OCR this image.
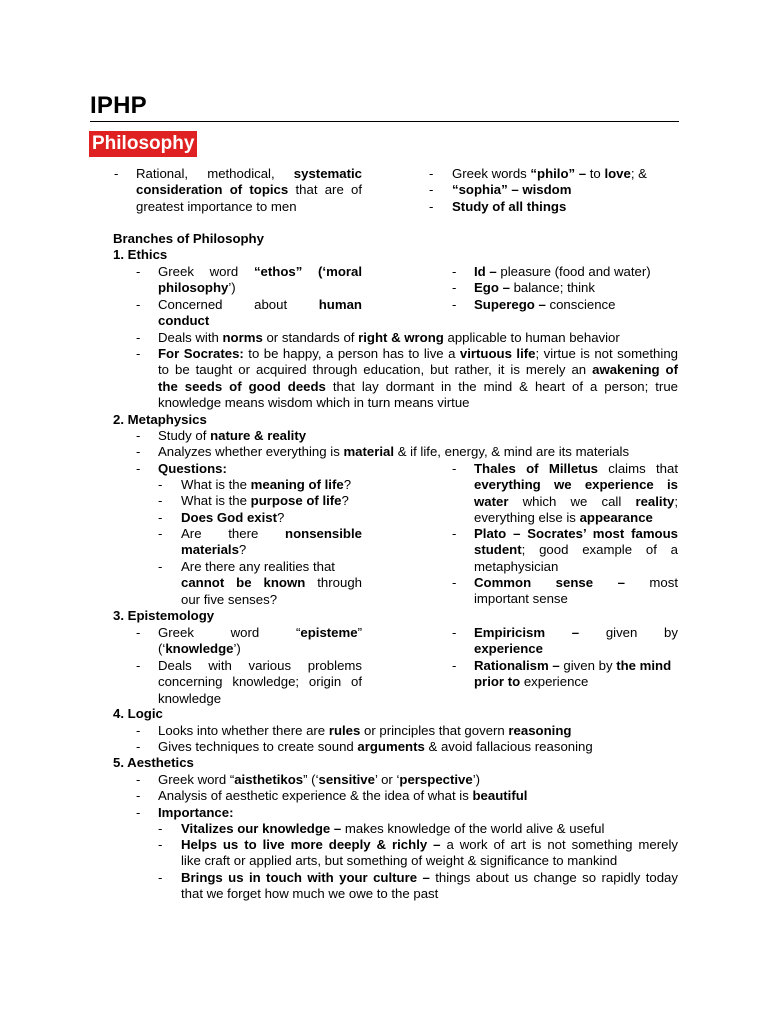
IPHP
Philosophy
- Rational, methodical, systematic
consideration of topics that are of
greatest importance to men
- Greek words “philo” – to love; &
- “sophia” – wisdom
- Study of all things
Branches of Philosophy
1. Ethics
- Greek word “ethos” (‘moral
philosophy’)
- Concerned about human
conduct
- Id – pleasure (food and water)
- Ego – balance; think
- Superego – conscience
- Deals with norms or standards of right & wrong applicable to human behavior
- For Socrates: to be happy, a person has to live a virtuous life; virtue is not something
to be taught or acquired through education, but rather, it is merely an awakening of
the seeds of good deeds that lay dormant in the mind & heart of a person; true
knowledge means wisdom which in turn means virtue
2. Metaphysics
- Study of nature & reality
- Analyzes whether everything is material & if life, energy, & mind are its materials
- Questions:
- What is the meaning of life?
- What is the purpose of life?
- Does God exist?
- Are there nonsensible
materials?
- Are there any realities that
cannot be known through
our five senses?
- Thales of Milletus claims that
everything we experience is
water which we call reality;
everything else is appearance
- Plato – Socrates’ most famous
student; good example of a
metaphysician
- Common sense – most
important sense
3. Epistemology
- Greek	word	“episteme”
(‘knowledge’)
- Deals with various problems
concerning knowledge; origin of
knowledge
- Empiricism – given by
experience
- Rationalism – given by the mind
prior to experience
4. Logic
- Looks into whether there are rules or principles that govern reasoning
- Gives techniques to create sound arguments & avoid fallacious reasoning
5. Aesthetics
- Greek word “aisthetikos” (‘sensitive’ or ‘perspective’)
- Analysis of aesthetic experience & the idea of what is beautiful
- Importance:
- Vitalizes our knowledge – makes knowledge of the world alive & useful
- Helps us to live more deeply & richly – a work of art is not something merely
like craft or applied arts, but something of weight & significance to mankind
- Brings us in touch with your culture – things about us change so rapidly today
that we forget how much we owe to the past
